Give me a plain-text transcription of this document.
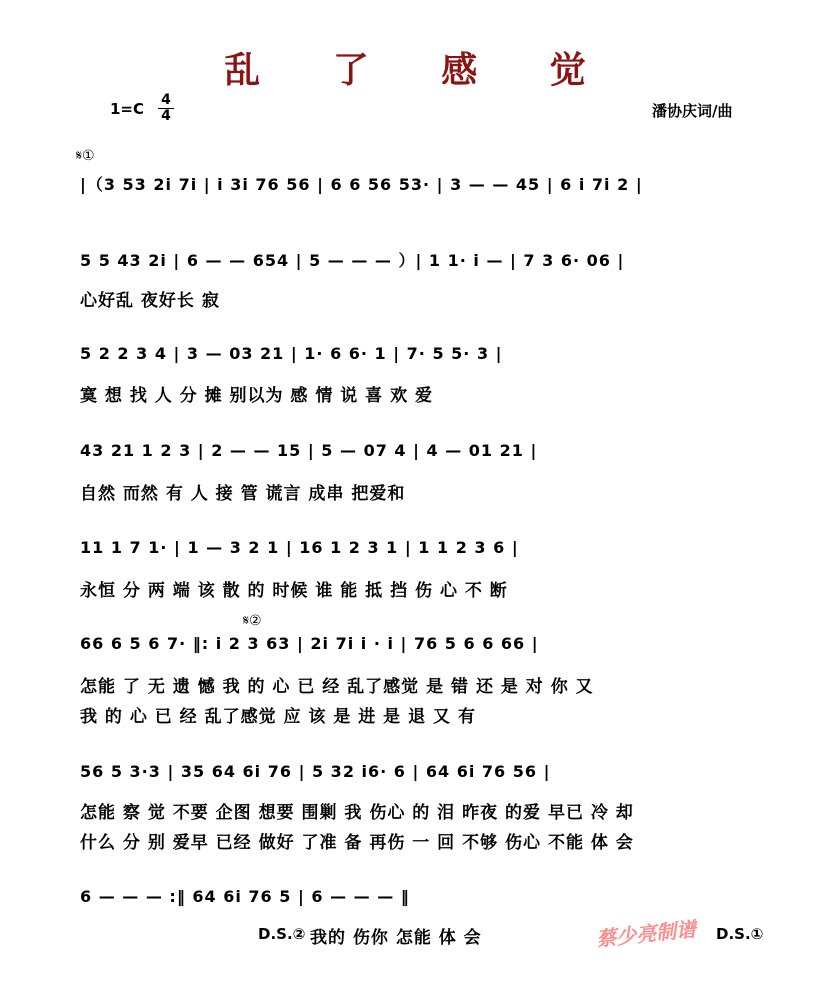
乱 了 感 觉
1=C 4
4	潘协庆词/曲
𝄋①
𝄋②
|（3 53 2i 7i | i 3i 76 56 | 6 6 56 53· | 3 — — 45 | 6 i 7i 2 |
5 5 43 2i | 6 — — 654 | 5 — — — ）| 1 1· i — | 7 3 6· 06 |
心好乱 夜好长 寂
5 2 2 3 4 | 3 — 03 21 | 1· 6 6· 1 | 7· 5 5· 3 |
寞 想 找 人 分 摊 别以为 感 情 说 喜 欢 爱
43 21 1 2 3 | 2 — — 15 | 5 — 07 4 | 4 — 01 21 |
自然 而然 有 人 接 管 谎言 成串 把爱和
11 1 7 1· | 1 — 3 2 1 | 16 1 2 3 1 | 1 1 2 3 6 |
永恒 分 两 端 该 散 的 时候 谁 能 抵 挡 伤 心 不 断
66 6 5 6 7· ‖: i 2 3 63 | 2i 7i i · i | 76 5 6 6 66 |
怎能 了 无 遗 憾 我 的 心 已 经 乱了感觉 是 错 还 是 对 你 又
我 的 心 已 经 乱了感觉 应 该 是 进 是 退 又 有
56 5 3·3 | 35 64 6i 76 | 5 32 i6· 6 | 64 6i 76 56 |
怎能 察 觉 不要 企图 想要 围剿 我 伤心 的 泪 昨夜 的爱 早已 冷 却
什么 分 别 爱早 已经 做好 了准 备 再伤 一 回 不够 伤心 不能 体 会
6 — — — :‖ 64 6i 76 5 | 6 — — — ‖
D.S.② 我的 伤你 怎能 体 会	D.S.①
蔡少亮制谱
